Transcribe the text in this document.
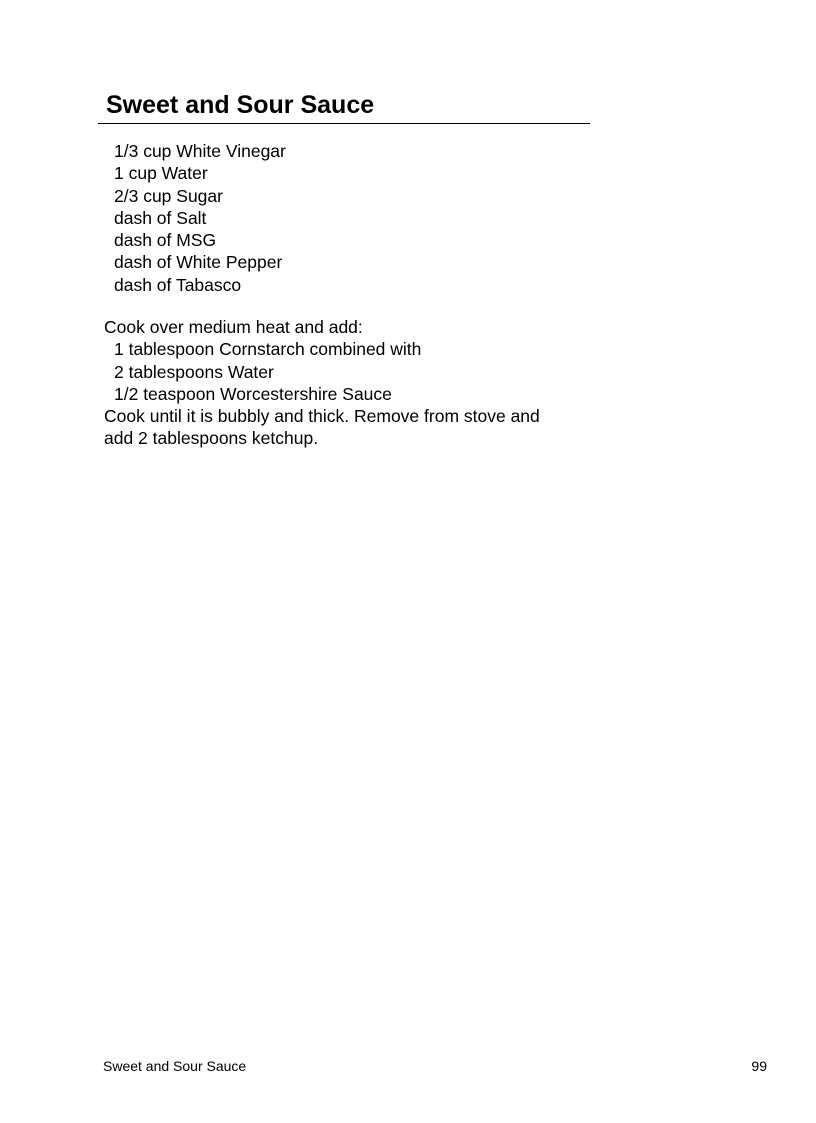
Sweet and Sour Sauce
1/3 cup White Vinegar
1 cup Water
2/3 cup Sugar
dash of Salt
dash of MSG
dash of White Pepper
dash of Tabasco
Cook over medium heat and add:
1 tablespoon Cornstarch combined with
2 tablespoons Water
1/2 teaspoon Worcestershire Sauce
Cook until it is bubbly and thick. Remove from stove and
add 2 tablespoons ketchup.
Sweet and Sour Sauce	99
